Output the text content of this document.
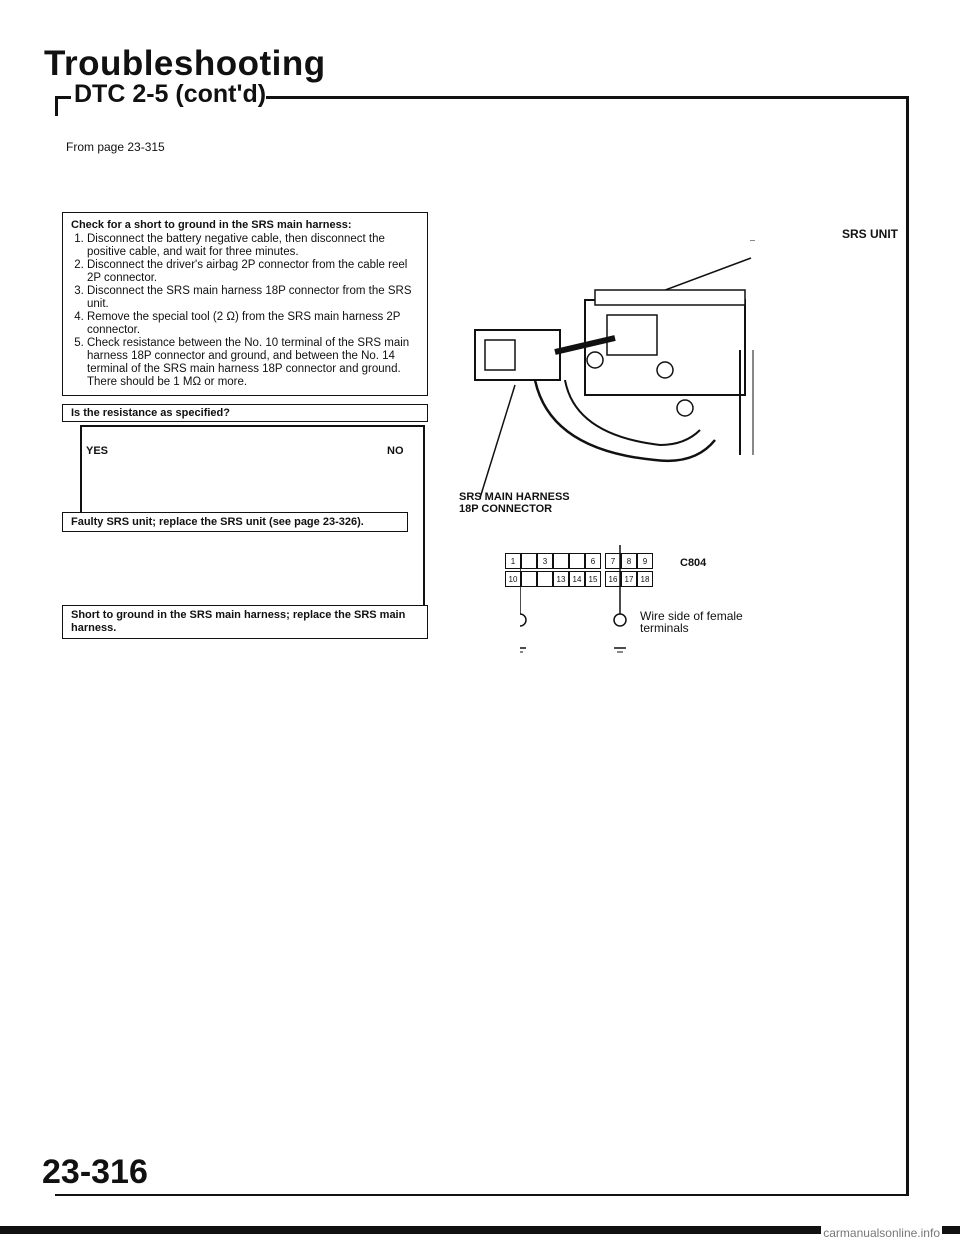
Troubleshooting
DTC 2-5 (cont'd)
From page 23-315
Check for a short to ground in the SRS main harness:
1. Disconnect the battery negative cable, then disconnect the positive cable, and wait for three minutes.
2. Disconnect the driver's airbag 2P connector from the cable reel 2P connector.
3. Disconnect the SRS main harness 18P connector from the SRS unit.
4. Remove the special tool (2 Ω) from the SRS main harness 2P connector.
5. Check resistance between the No. 10 terminal of the SRS main harness 18P connector and ground, and between the No. 14 terminal of the SRS main harness 18P connector and ground. There should be 1 MΩ or more.
Is the resistance as specified?
YES	NO
Faulty SRS unit; replace the SRS unit (see page 23-326).
Short to ground in the SRS main harness; replace the SRS main harness.
SRS UNIT
SRS MAIN HARNESS
18P CONNECTOR
1	3	6	7	8	9
10	13 14 15	16 17 18
C804
Wire side of female
terminals
23-316
carmanualsonline.info
